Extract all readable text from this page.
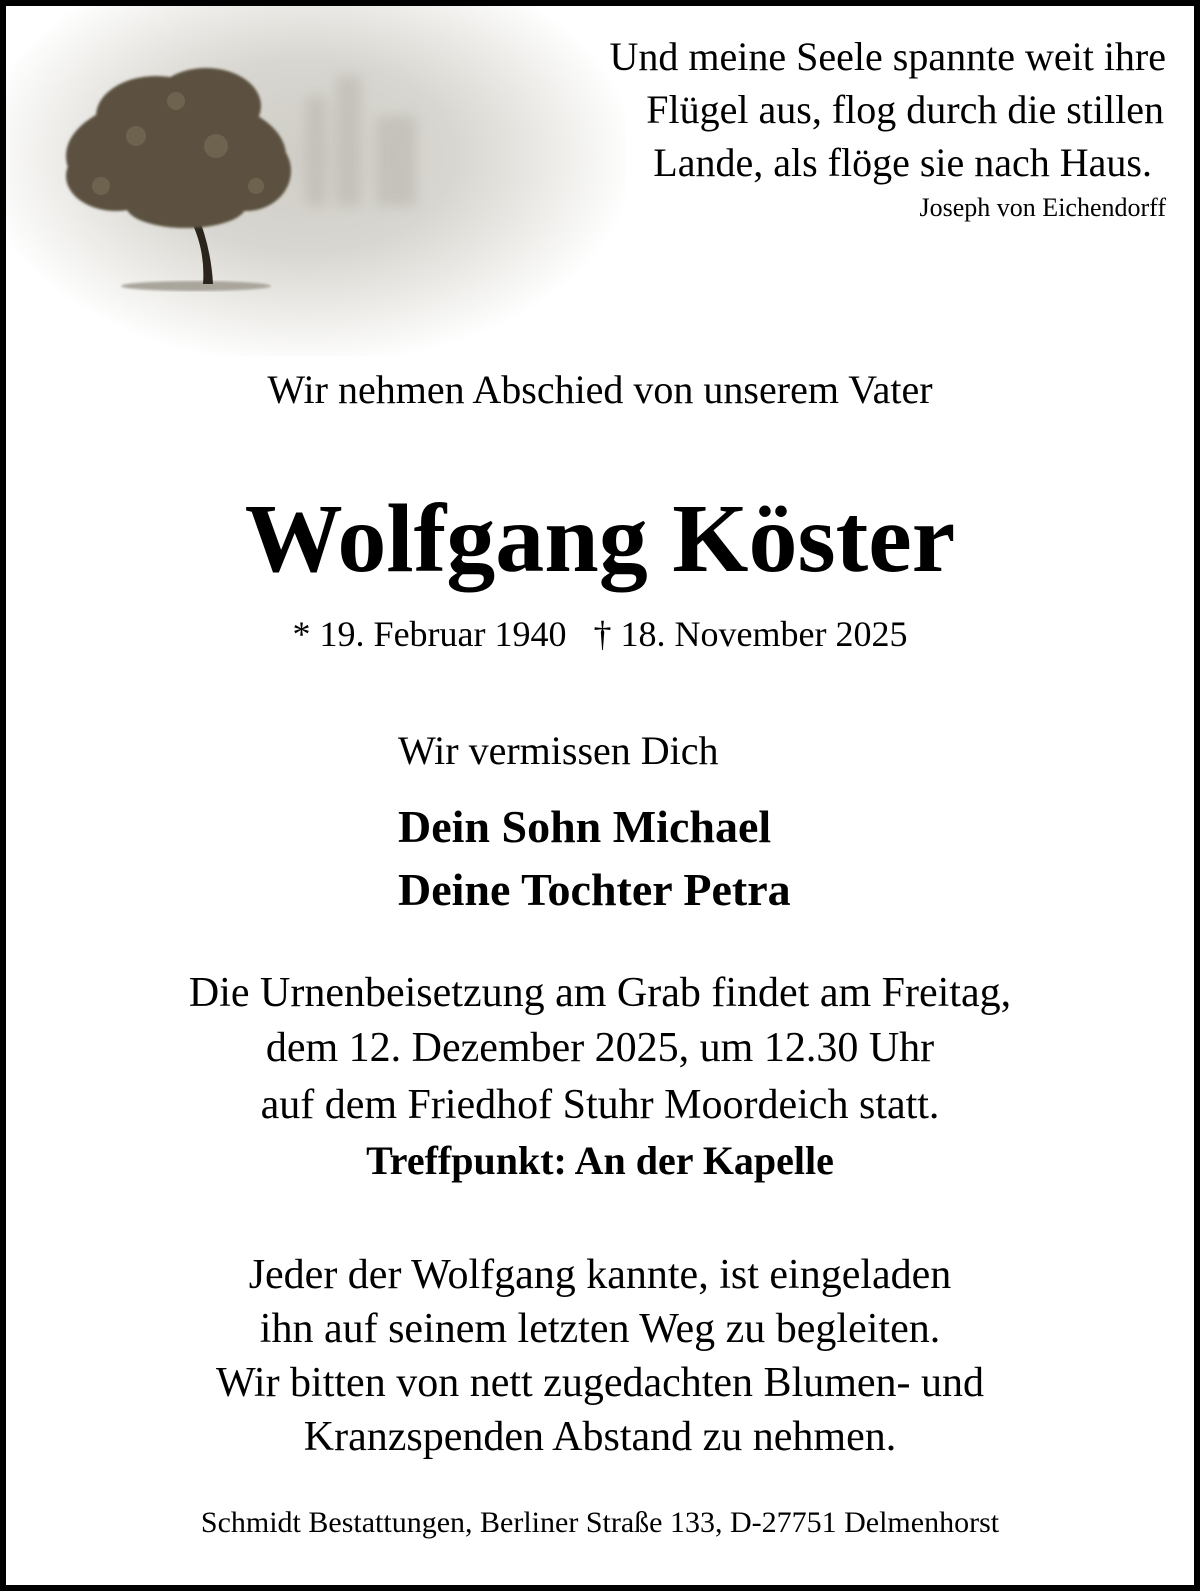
Und meine Seele spannte weit ihre
Flügel aus, flog durch die stillen
Lande, als flöge sie nach Haus.
Joseph von Eichendorff
Wir nehmen Abschied von unserem Vater
Wolfgang Köster
* 19. Februar 1940   † 18. November 2025
Wir vermissen Dich
Dein Sohn Michael
Deine Tochter Petra
Die Urnenbeisetzung am Grab findet am Freitag,
dem 12. Dezember 2025, um 12.30 Uhr
auf dem Friedhof Stuhr Moordeich statt.
Treffpunkt: An der Kapelle
Jeder der Wolfgang kannte, ist eingeladen
ihn auf seinem letzten Weg zu begleiten.
Wir bitten von nett zugedachten Blumen- und
Kranzspenden Abstand zu nehmen.
Schmidt Bestattungen, Berliner Straße 133, D-27751 Delmenhorst
